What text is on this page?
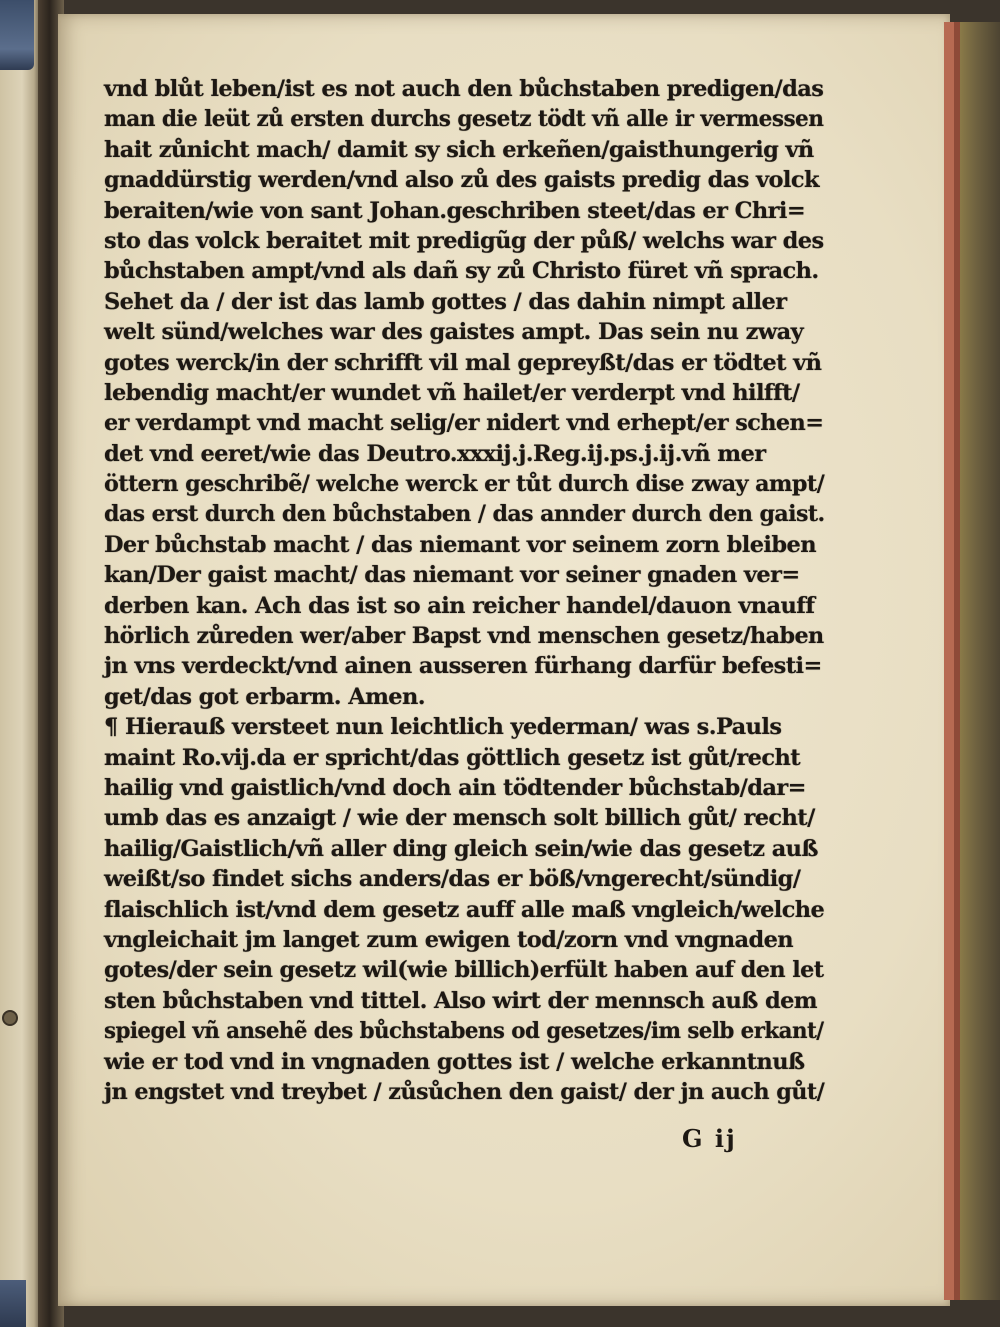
vnd blůt leben/ist es not auch den bůchstaben predigen/das
man die leüt zů ersten durchs gesetz tödt vñ alle ir vermessen
hait zůnicht mach/ damit sy sich erkeñen/gaisthungerig vñ
gnaddürstig werden/vnd also zů des gaists predig das volck
beraiten/wie von sant Johan.geschriben steet/das er Chri=
sto das volck beraitet mit predigũg der půß/ welchs war des
bůchstaben ampt/vnd als dañ sy zů Christo füret vñ sprach.
Sehet da / der ist das lamb gottes / das dahin nimpt aller
welt sünd/welches war des gaistes ampt. Das sein nu zway
gotes werck/in der schrifft vil mal gepreyßt/das er tödtet vñ
lebendig macht/er wundet vñ hailet/er verderpt vnd hilfft/
er verdampt vnd macht selig/er nidert vnd erhept/er schen=
det vnd eeret/wie das Deutro.xxxij.j.Reg.ij.ps.j.ij.vñ mer
öttern geschribẽ/ welche werck er tůt durch dise zway ampt/
das erst durch den bůchstaben / das annder durch den gaist.
Der bůchstab macht / das niemant vor seinem zorn bleiben
kan/Der gaist macht/ das niemant vor seiner gnaden ver=
derben kan. Ach das ist so ain reicher handel/dauon vnauff
hörlich zůreden wer/aber Bapst vnd menschen gesetz/haben
jn vns verdeckt/vnd ainen ausseren fürhang darfür befesti=
get/das got erbarm. Amen.
¶ Hierauß versteet nun leichtlich yederman/ was s.Pauls
maint Ro.vij.da er spricht/das göttlich gesetz ist gůt/recht
hailig vnd gaistlich/vnd doch ain tödtender bůchstab/dar=
umb das es anzaigt / wie der mensch solt billich gůt/ recht/
hailig/Gaistlich/vñ aller ding gleich sein/wie das gesetz auß
weißt/so findet sichs anders/das er böß/vngerecht/sündig/
flaischlich ist/vnd dem gesetz auff alle maß vngleich/welche
vngleichait jm langet zum ewigen tod/zorn vnd vngnaden
gotes/der sein gesetz wil(wie billich)erfült haben auf den let
sten bůchstaben vnd tittel. Also wirt der mennsch auß dem
spiegel vñ ansehẽ des bůchstabens od gesetzes/im selb erkant/
wie er tod vnd in vngnaden gottes ist / welche erkanntnuß
jn engstet vnd treybet / zůsůchen den gaist/ der jn auch gůt/
G ij
